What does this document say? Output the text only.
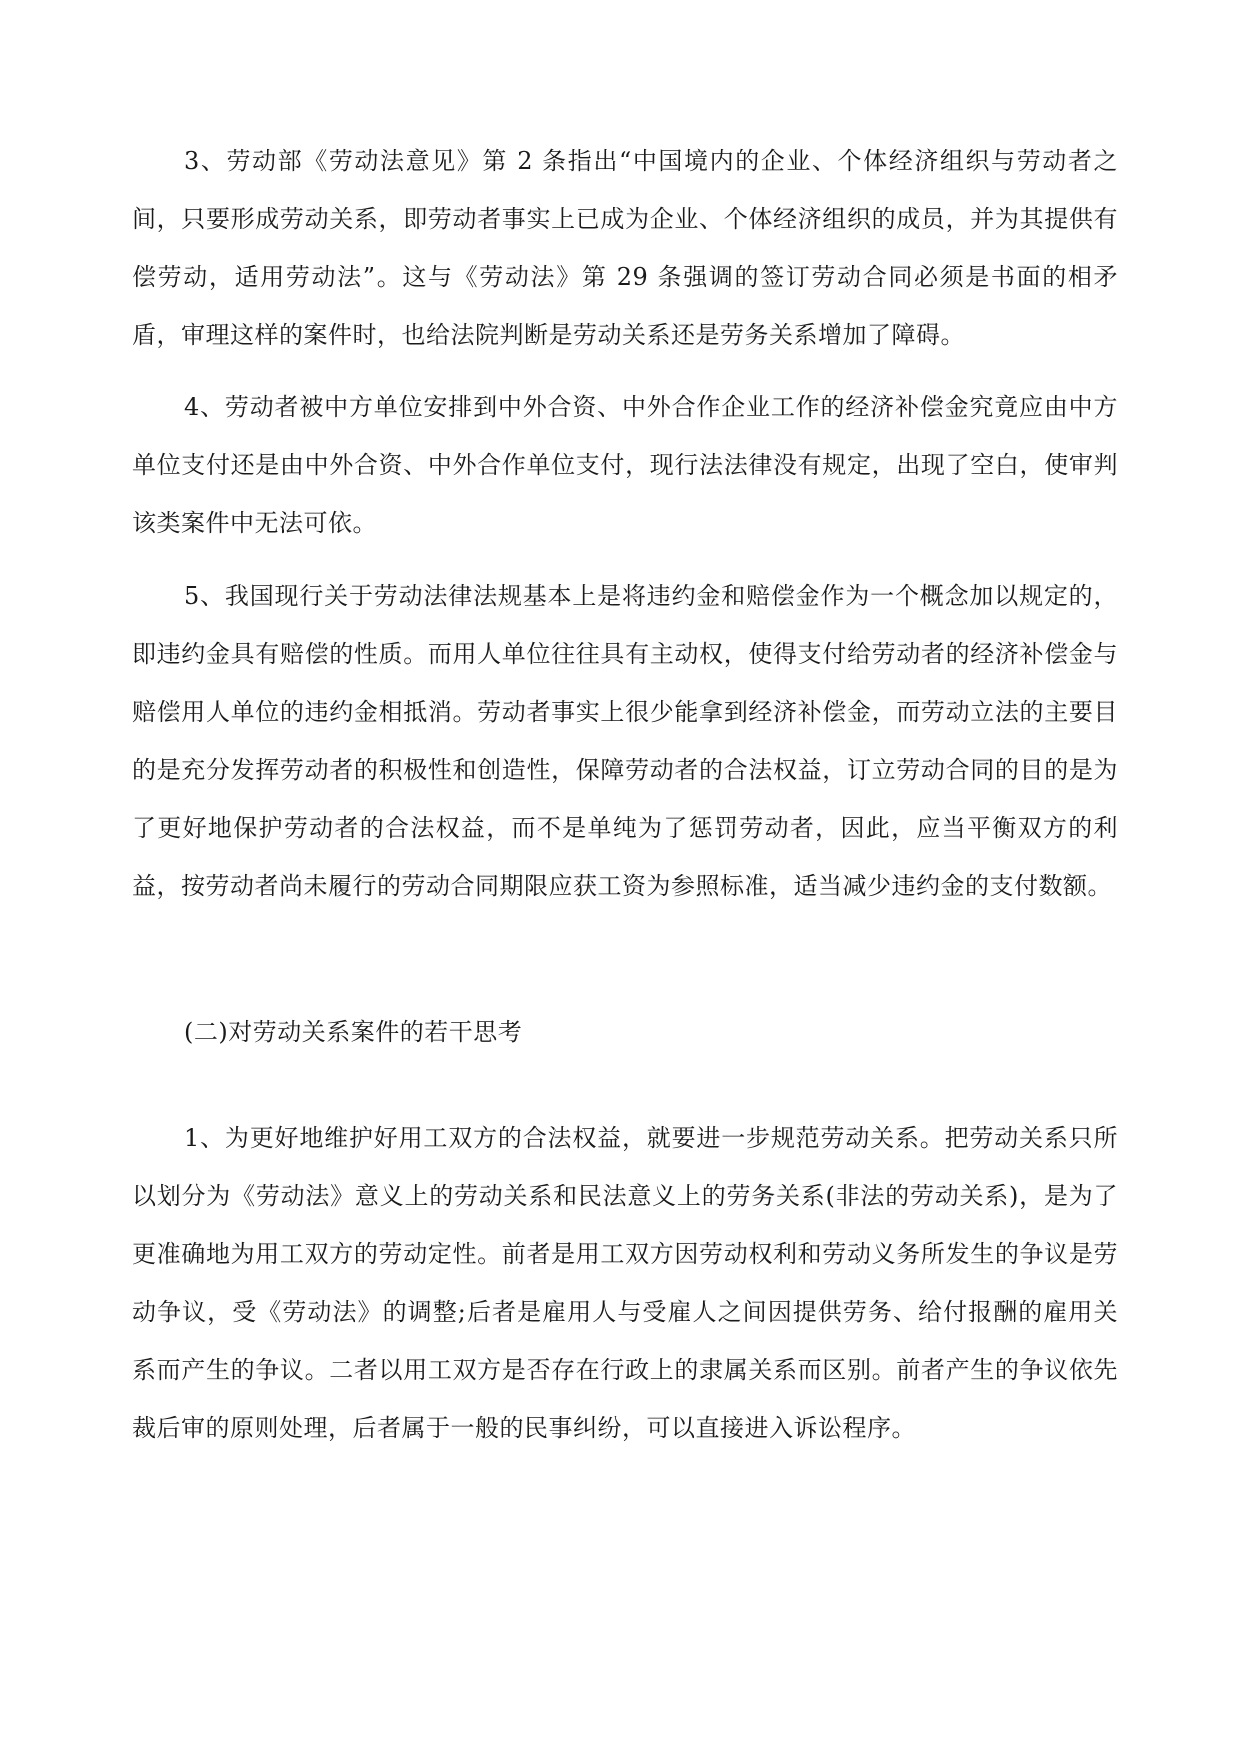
3、劳动部《劳动法意见》第 2 条指出“中国境内的企业、个体经济组织与劳动者之间，只要形成劳动关系，即劳动者事实上已成为企业、个体经济组织的成员，并为其提供有偿劳动，适用劳动法”。这与《劳动法》第 29 条强调的签订劳动合同必须是书面的相矛盾，审理这样的案件时，也给法院判断是劳动关系还是劳务关系增加了障碍。

4、劳动者被中方单位安排到中外合资、中外合作企业工作的经济补偿金究竟应由中方单位支付还是由中外合资、中外合作单位支付，现行法法律没有规定，出现了空白，使审判该类案件中无法可依。

5、我国现行关于劳动法律法规基本上是将违约金和赔偿金作为一个概念加以规定的，即违约金具有赔偿的性质。而用人单位往往具有主动权，使得支付给劳动者的经济补偿金与赔偿用人单位的违约金相抵消。劳动者事实上很少能拿到经济补偿金，而劳动立法的主要目的是充分发挥劳动者的积极性和创造性，保障劳动者的合法权益，订立劳动合同的目的是为了更好地保护劳动者的合法权益，而不是单纯为了惩罚劳动者，因此，应当平衡双方的利益，按劳动者尚未履行的劳动合同期限应获工资为参照标准，适当减少违约金的支付数额。

(二)对劳动关系案件的若干思考

1、为更好地维护好用工双方的合法权益，就要进一步规范劳动关系。把劳动关系只所以划分为《劳动法》意义上的劳动关系和民法意义上的劳务关系(非法的劳动关系)，是为了更准确地为用工双方的劳动定性。前者是用工双方因劳动权利和劳动义务所发生的争议是劳动争议，受《劳动法》的调整;后者是雇用人与受雇人之间因提供劳务、给付报酬的雇用关系而产生的争议。二者以用工双方是否存在行政上的隶属关系而区别。前者产生的争议依先裁后审的原则处理，后者属于一般的民事纠纷，可以直接进入诉讼程序。
